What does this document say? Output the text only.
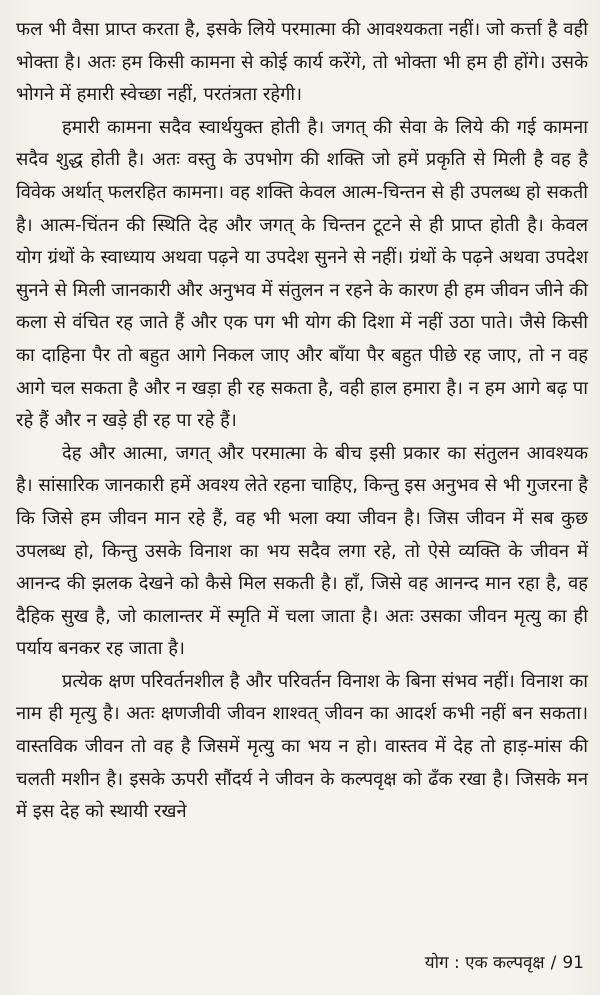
फल भी वैसा प्राप्त करता है, इसके लिये परमात्मा की आवश्यकता नहीं। जो कर्त्ता है वही भोक्ता है। अतः हम किसी कामना से कोई कार्य करेंगे, तो भोक्ता भी हम ही होंगे। उसके भोगने में हमारी स्वेच्छा नहीं, परतंत्रता रहेगी।

हमारी कामना सदैव स्वार्थयुक्त होती है। जगत् की सेवा के लिये की गई कामना सदैव शुद्ध होती है। अतः वस्तु के उपभोग की शक्ति जो हमें प्रकृति से मिली है वह है विवेक अर्थात् फलरहित कामना। वह शक्ति केवल आत्म-चिन्तन से ही उपलब्ध हो सकती है। आत्म-चिंतन की स्थिति देह और जगत् के चिन्तन टूटने से ही प्राप्त होती है। केवल योग ग्रंथों के स्वाध्याय अथवा पढ़ने या उपदेश सुनने से नहीं। ग्रंथों के पढ़ने अथवा उपदेश सुनने से मिली जानकारी और अनुभव में संतुलन न रहने के कारण ही हम जीवन जीने की कला से वंचित रह जाते हैं और एक पग भी योग की दिशा में नहीं उठा पाते। जैसे किसी का दाहिना पैर तो बहुत आगे निकल जाए और बाँया पैर बहुत पीछे रह जाए, तो न वह आगे चल सकता है और न खड़ा ही रह सकता है, वही हाल हमारा है। न हम आगे बढ़ पा रहे हैं और न खड़े ही रह पा रहे हैं।

देह और आत्मा, जगत् और परमात्मा के बीच इसी प्रकार का संतुलन आवश्यक है। सांसारिक जानकारी हमें अवश्य लेते रहना चाहिए, किन्तु इस अनुभव से भी गुजरना है कि जिसे हम जीवन मान रहे हैं, वह भी भला क्या जीवन है। जिस जीवन में सब कुछ उपलब्ध हो, किन्तु उसके विनाश का भय सदैव लगा रहे, तो ऐसे व्यक्ति के जीवन में आनन्द की झलक देखने को कैसे मिल सकती है। हाँ, जिसे वह आनन्द मान रहा है, वह दैहिक सुख है, जो कालान्तर में स्मृति में चला जाता है। अतः उसका जीवन मृत्यु का ही पर्याय बनकर रह जाता है।

प्रत्येक क्षण परिवर्तनशील है और परिवर्तन विनाश के बिना संभव नहीं। विनाश का नाम ही मृत्यु है। अतः क्षणजीवी जीवन शाश्वत् जीवन का आदर्श कभी नहीं बन सकता। वास्तविक जीवन तो वह है जिसमें मृत्यु का भय न हो। वास्तव में देह तो हाड़-मांस की चलती मशीन है। इसके ऊपरी सौंदर्य ने जीवन के कल्पवृक्ष को ढँक रखा है। जिसके मन में इस देह को स्थायी रखने

योग : एक कल्पवृक्ष / 91
